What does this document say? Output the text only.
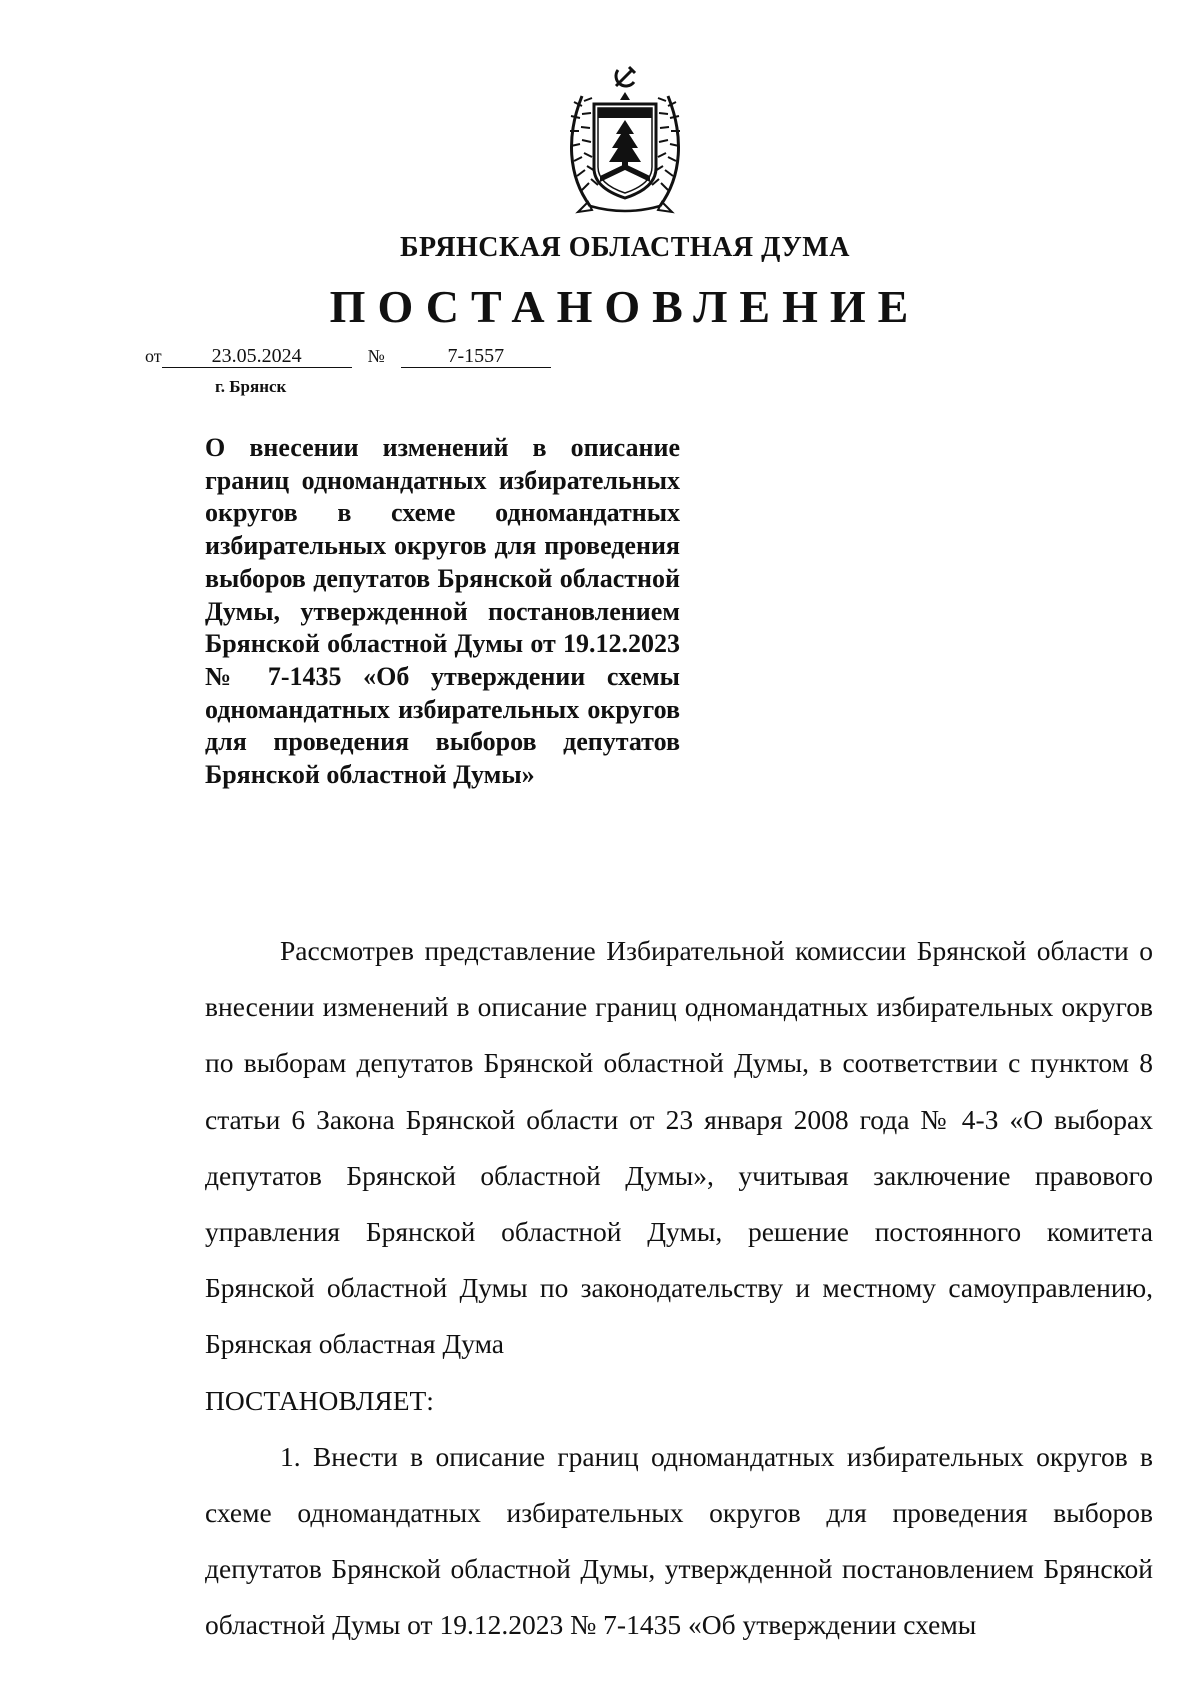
БРЯНСКАЯ ОБЛАСТНАЯ ДУМА
ПОСТАНОВЛЕНИЕ
от	23.05.2024	№	7-1557
г. Брянск
О внесении изменений в описание границ одномандатных избирательных округов в схеме одномандатных избирательных округов для проведения выборов депутатов Брянской областной Думы, утвержденной постановлением Брянской областной Думы от 19.12.2023 № 7-1435 «Об утверждении схемы одномандатных избирательных округов для проведения выборов депутатов Брянской областной Думы»

Рассмотрев представление Избирательной комиссии Брянской области о внесении изменений в описание границ одномандатных избирательных округов по выборам депутатов Брянской областной Думы, в соответствии с пунктом 8 статьи 6 Закона Брянской области от 23 января 2008 года № 4-З «О выборах депутатов Брянской областной Думы», учитывая заключение правового управления Брянской областной Думы, решение постоянного комитета Брянской областной Думы по законодательству и местному самоуправлению, Брянская областная Дума

ПОСТАНОВЛЯЕТ:

1. Внести в описание границ одномандатных избирательных округов в схеме одномандатных избирательных округов для проведения выборов депутатов Брянской областной Думы, утвержденной постановлением Брянской областной Думы от 19.12.2023 № 7-1435 «Об утверждении схемы
